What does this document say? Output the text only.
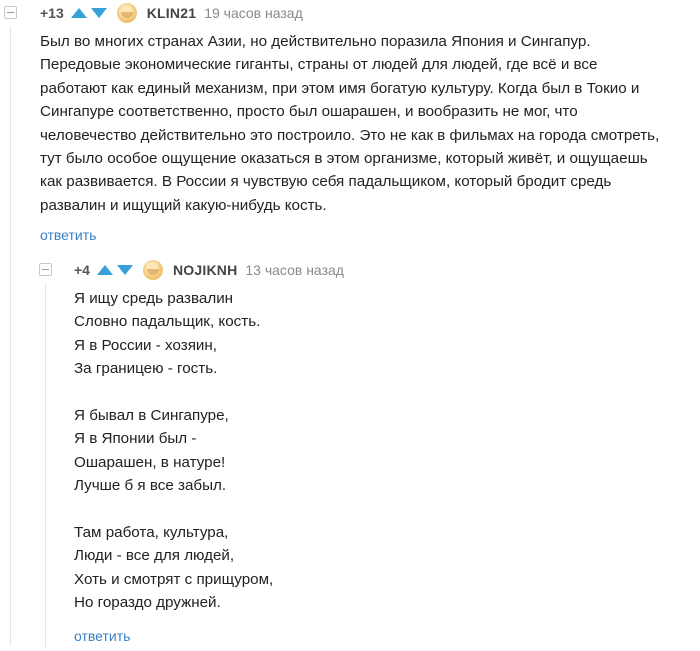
+13	KLIN21 19 часов назад

Был во многих странах Азии, но действительно поразила Япония и Сингапур.

Передовые экономические гиганты, страны от людей для людей, где всё и все

работают как единый механизм, при этом имя богатую культуру. Когда был в Токио и

Сингапуре соответственно, просто был ошарашен, и вообразить не мог, что

человечество действительно это построило. Это не как в фильмах на города смотреть,

тут было особое ощущение оказаться в этом организме, который живёт, и ощущаешь

как развивается. В России я чувствую себя падальщиком, который бродит средь

развалин и ищущий какую-нибудь кость.

ответить
+4	NOJIKNH 13 часов назад

Я ищу средь развалин

Словно падальщик, кость.

Я в России - хозяин,

За границею - гость.

Я бывал в Сингапуре,

Я в Японии был -

Ошарашен, в натуре!

Лучше б я все забыл.

Там работа, культура,

Люди - все для людей,

Хоть и смотрят с прищуром,

Но гораздо дружней.

ответить
